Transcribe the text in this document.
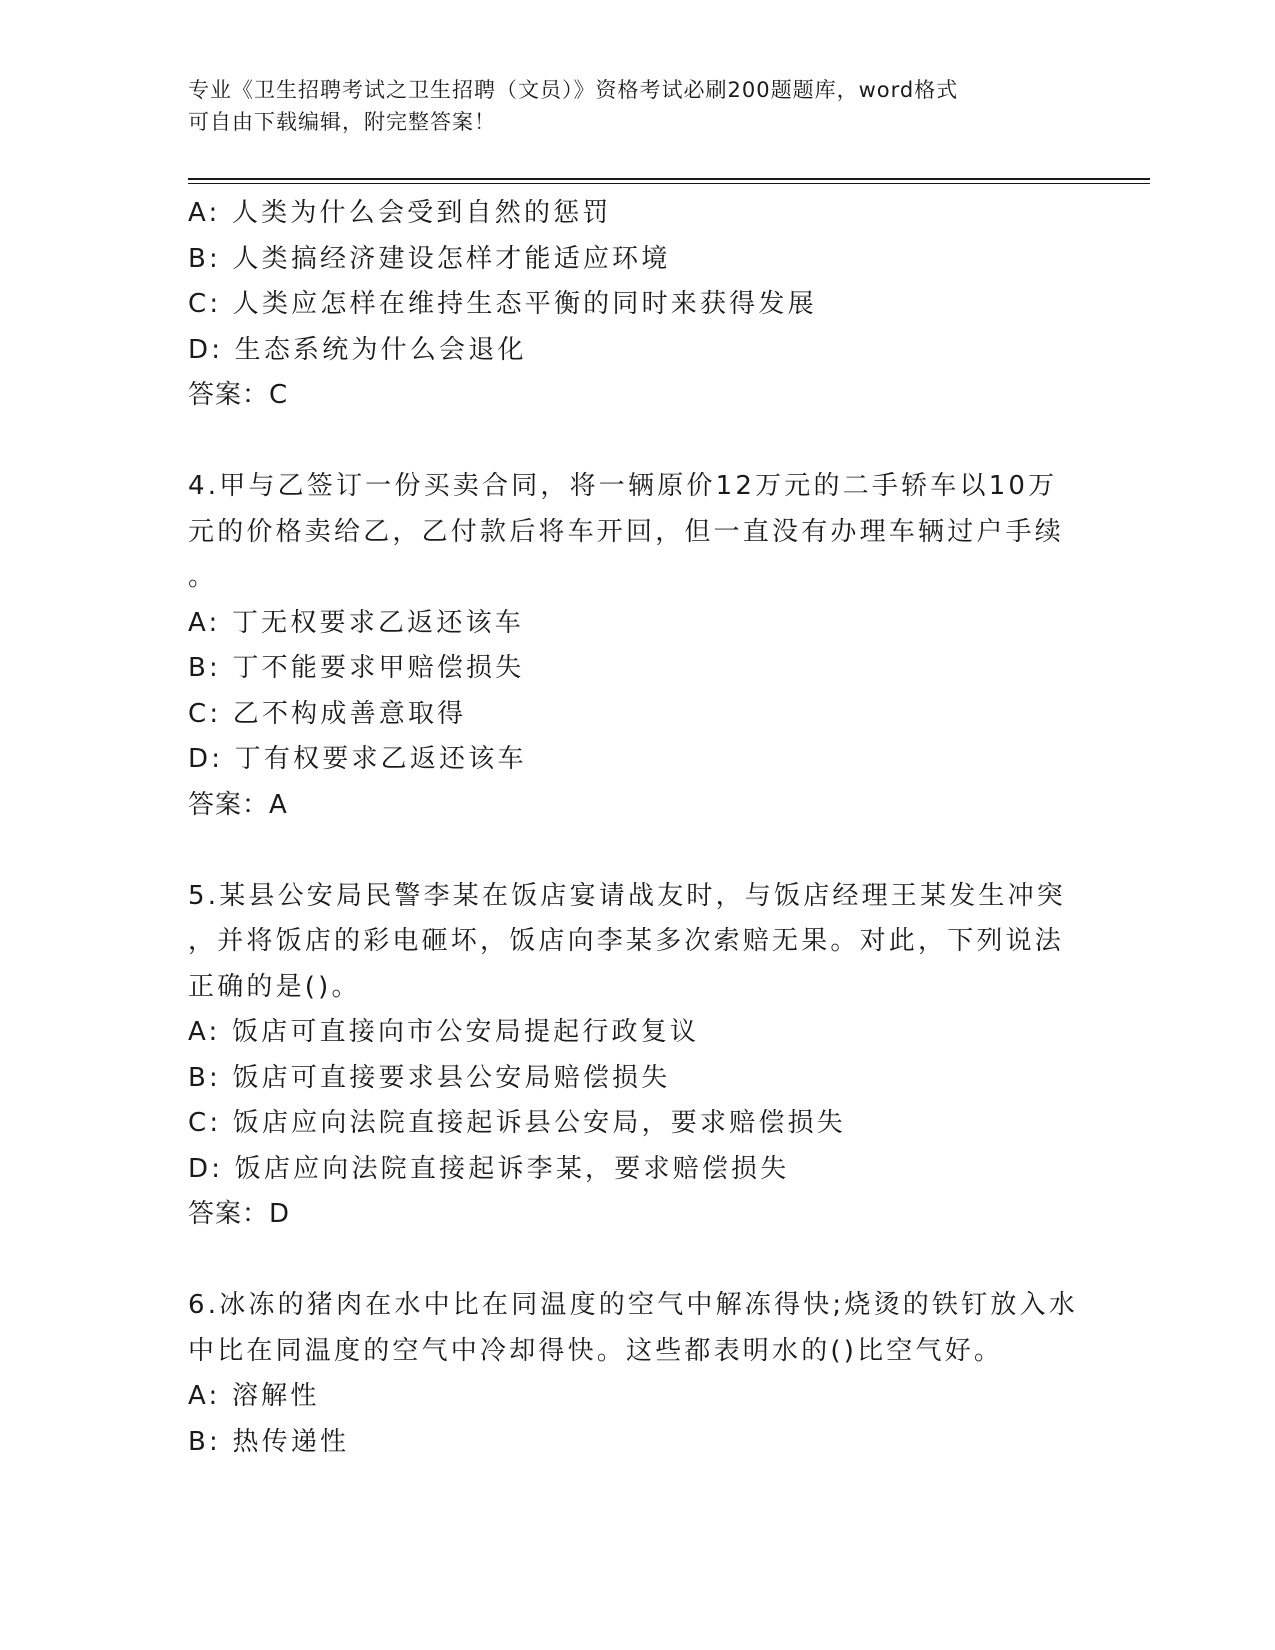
专业《卫生招聘考试之卫生招聘（文员）》资格考试必刷200题题库，word格式
可自由下载编辑，附完整答案！
A: 人类为什么会受到自然的惩罚
B: 人类搞经济建设怎样才能适应环境
C: 人类应怎样在维持生态平衡的同时来获得发展
D: 生态系统为什么会退化
答案：C
4.甲与乙签订一份买卖合同，将一辆原价12万元的二手轿车以10万
元的价格卖给乙，乙付款后将车开回，但一直没有办理车辆过户手续
。
A: 丁无权要求乙返还该车
B: 丁不能要求甲赔偿损失
C: 乙不构成善意取得
D: 丁有权要求乙返还该车
答案：A
5.某县公安局民警李某在饭店宴请战友时，与饭店经理王某发生冲突
，并将饭店的彩电砸坏，饭店向李某多次索赔无果。对此，下列说法
正确的是()。
A: 饭店可直接向市公安局提起行政复议
B: 饭店可直接要求县公安局赔偿损失
C: 饭店应向法院直接起诉县公安局，要求赔偿损失
D: 饭店应向法院直接起诉李某，要求赔偿损失
答案：D
6.冰冻的猪肉在水中比在同温度的空气中解冻得快;烧烫的铁钉放入水
中比在同温度的空气中冷却得快。这些都表明水的()比空气好。
A: 溶解性
B: 热传递性
